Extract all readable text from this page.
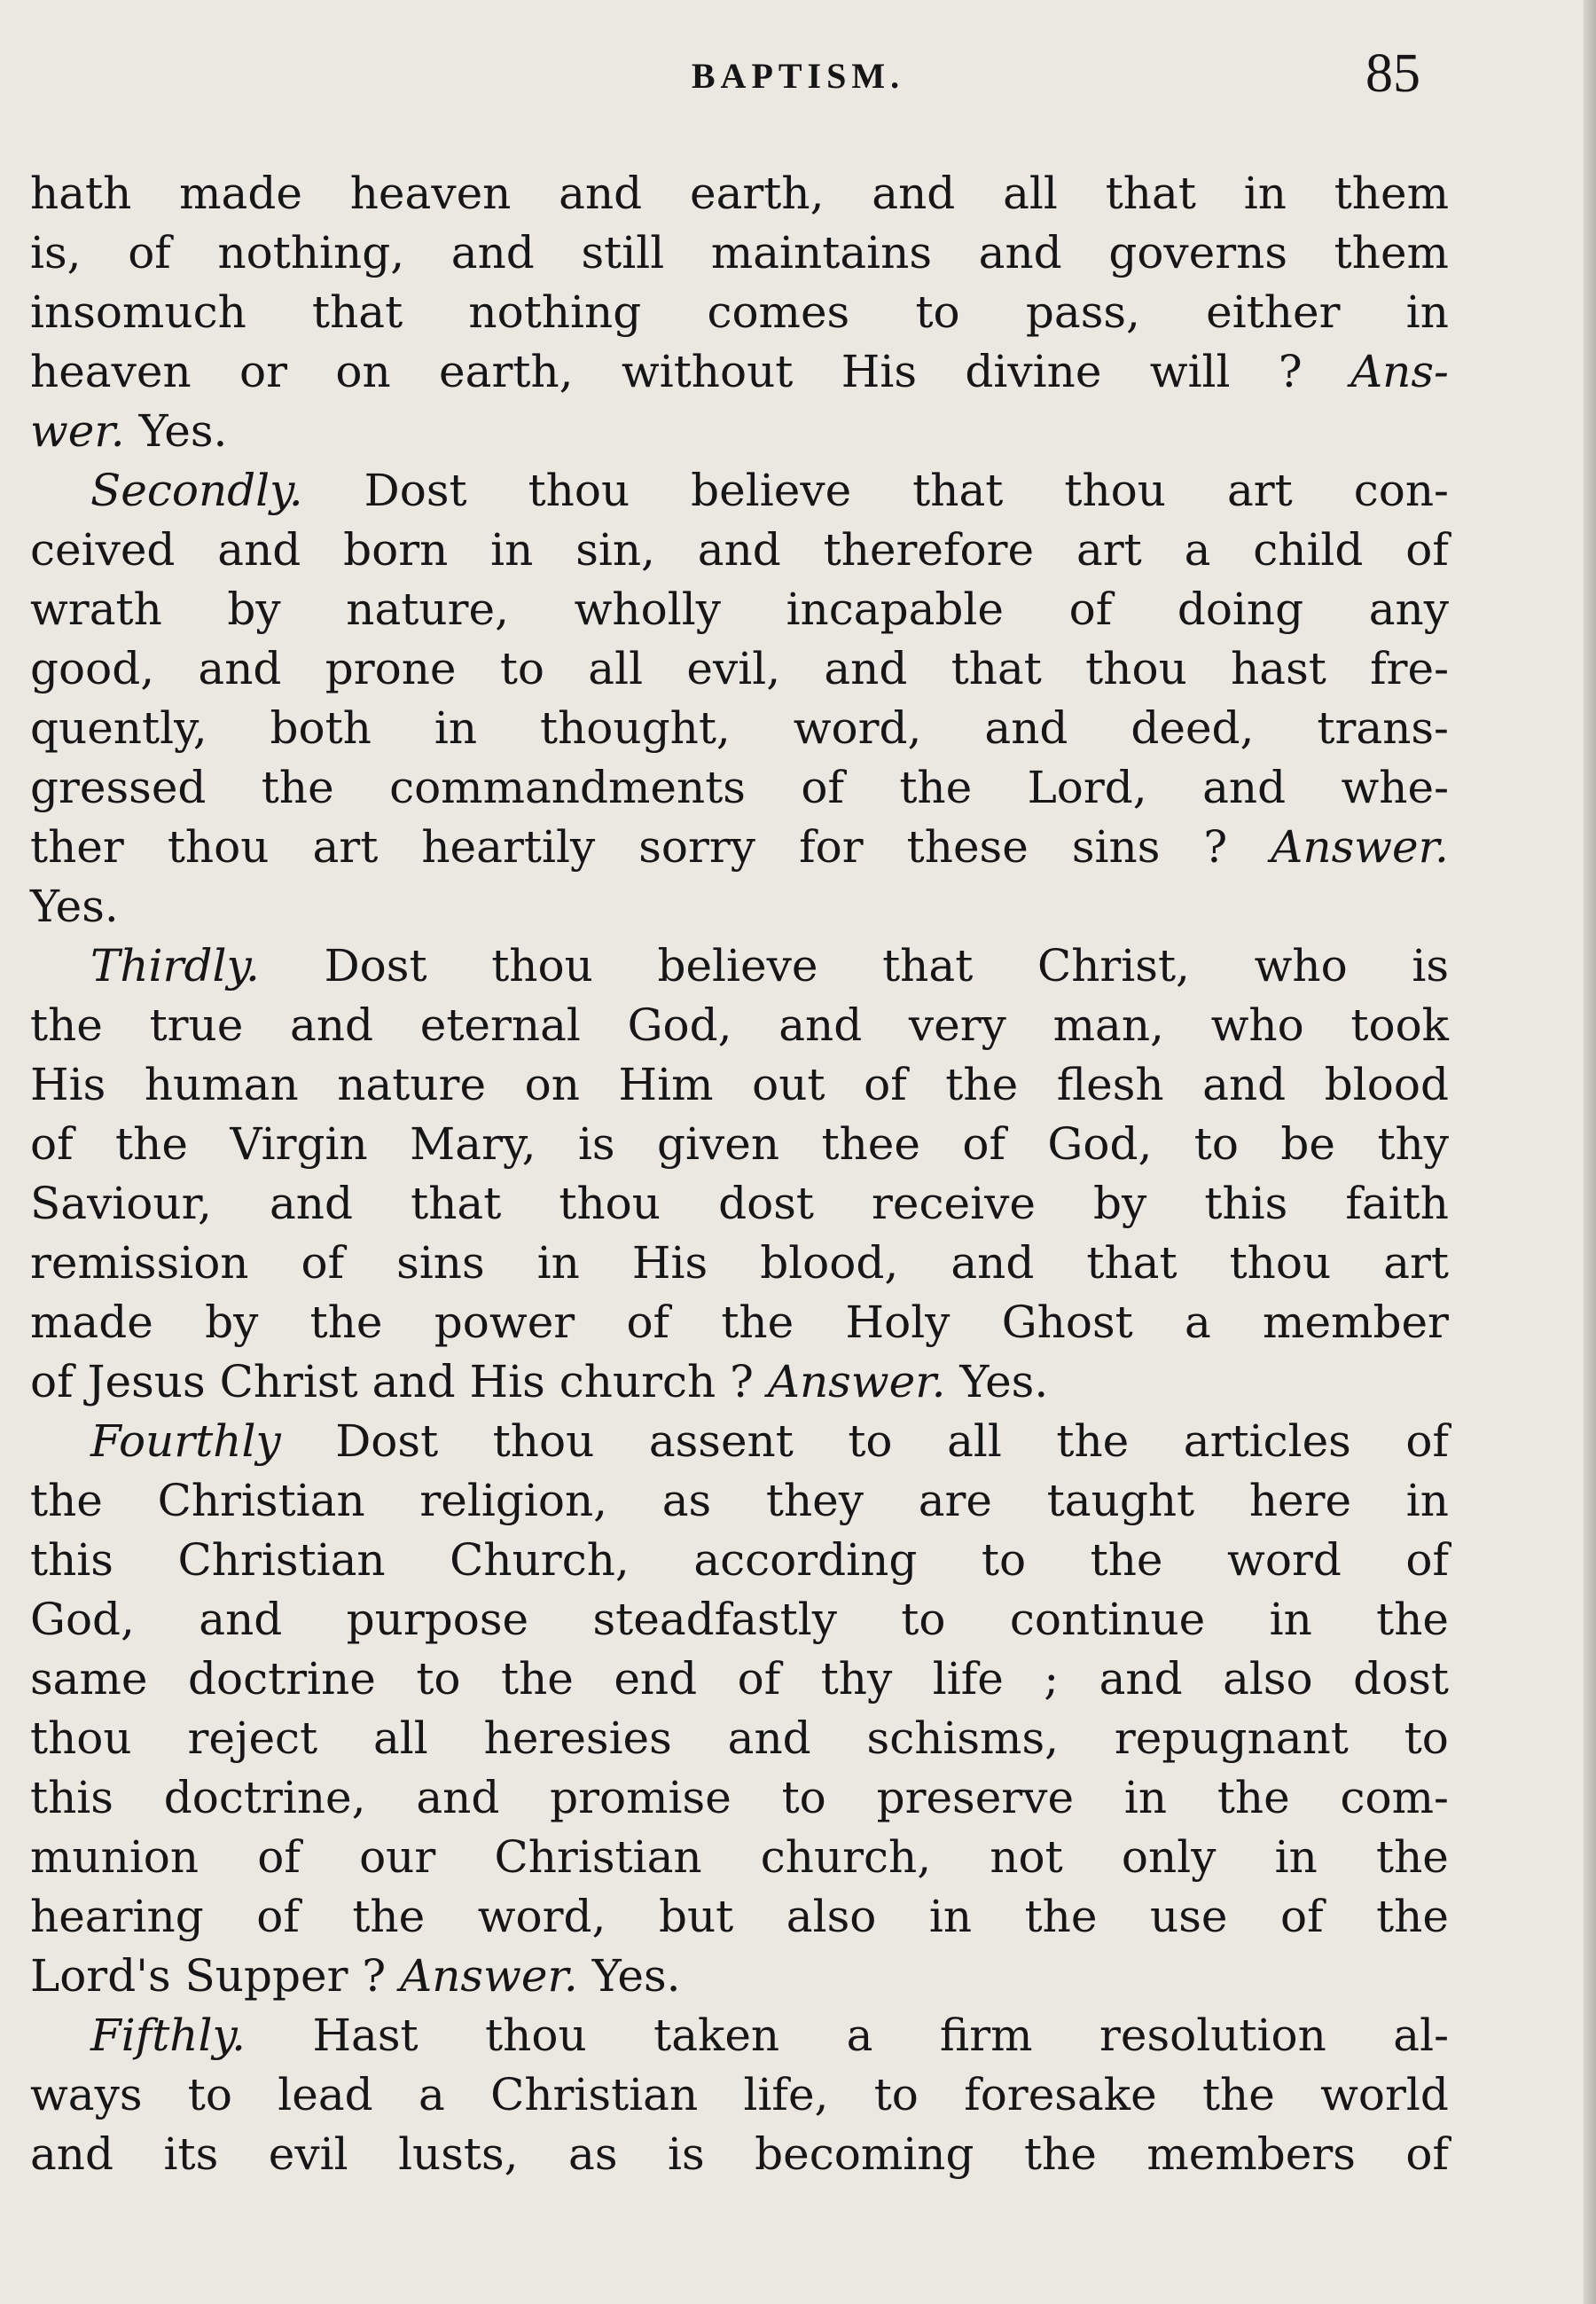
BAPTISM.	85
hath made heaven and earth, and all that in them
is, of nothing, and still maintains and governs them
insomuch that nothing comes to pass, either in
heaven or on earth, without His divine will ? Ans-
wer. Yes.
Secondly. Dost thou believe that thou art con-
ceived and born in sin, and therefore art a child of
wrath by nature, wholly incapable of doing any
good, and prone to all evil, and that thou hast fre-
quently, both in thought, word, and deed, trans-
gressed the commandments of the Lord, and whe-
ther thou art heartily sorry for these sins ? Answer.
Yes.
Thirdly. Dost thou believe that Christ, who is
the true and eternal God, and very man, who took
His human nature on Him out of the flesh and blood
of the Virgin Mary, is given thee of God, to be thy
Saviour, and that thou dost receive by this faith
remission of sins in His blood, and that thou art
made by the power of the Holy Ghost a member
of Jesus Christ and His church ? Answer. Yes.
Fourthly Dost thou assent to all the articles of
the Christian religion, as they are taught here in
this Christian Church, according to the word of
God, and purpose steadfastly to continue in the
same doctrine to the end of thy life ; and also dost
thou reject all heresies and schisms, repugnant to
this doctrine, and promise to preserve in the com-
munion of our Christian church, not only in the
hearing of the word, but also in the use of the
Lord's Supper ? Answer. Yes.
Fifthly. Hast thou taken a firm resolution al-
ways to lead a Christian life, to foresake the world
and its evil lusts, as is becoming the members of
